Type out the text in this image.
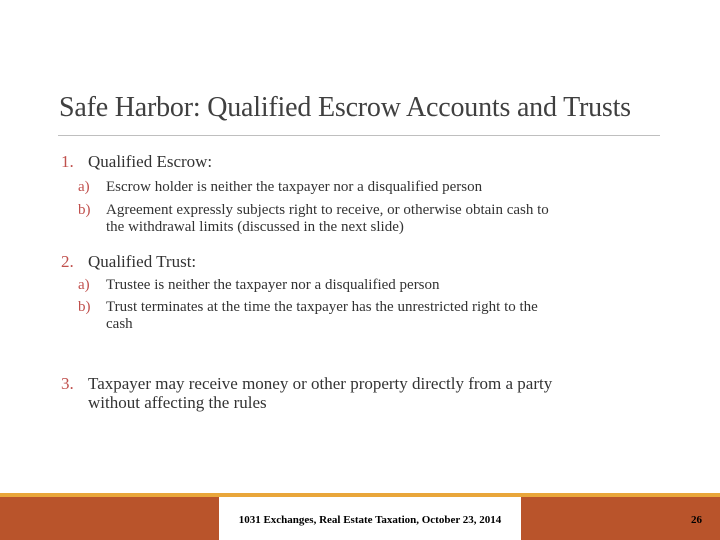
Safe Harbor: Qualified Escrow Accounts and Trusts
1. Qualified Escrow:
a) Escrow holder is neither the taxpayer nor a disqualified person
b) Agreement expressly subjects right to receive, or otherwise obtain cash to
the withdrawal limits (discussed in the next slide)
2. Qualified Trust:
a) Trustee is neither the taxpayer nor a disqualified person
b) Trust terminates at the time the taxpayer has the unrestricted right to the
cash
3. Taxpayer may receive money or other property directly from a party
without affecting the rules
1031 Exchanges, Real Estate Taxation, October 23, 2014	26
